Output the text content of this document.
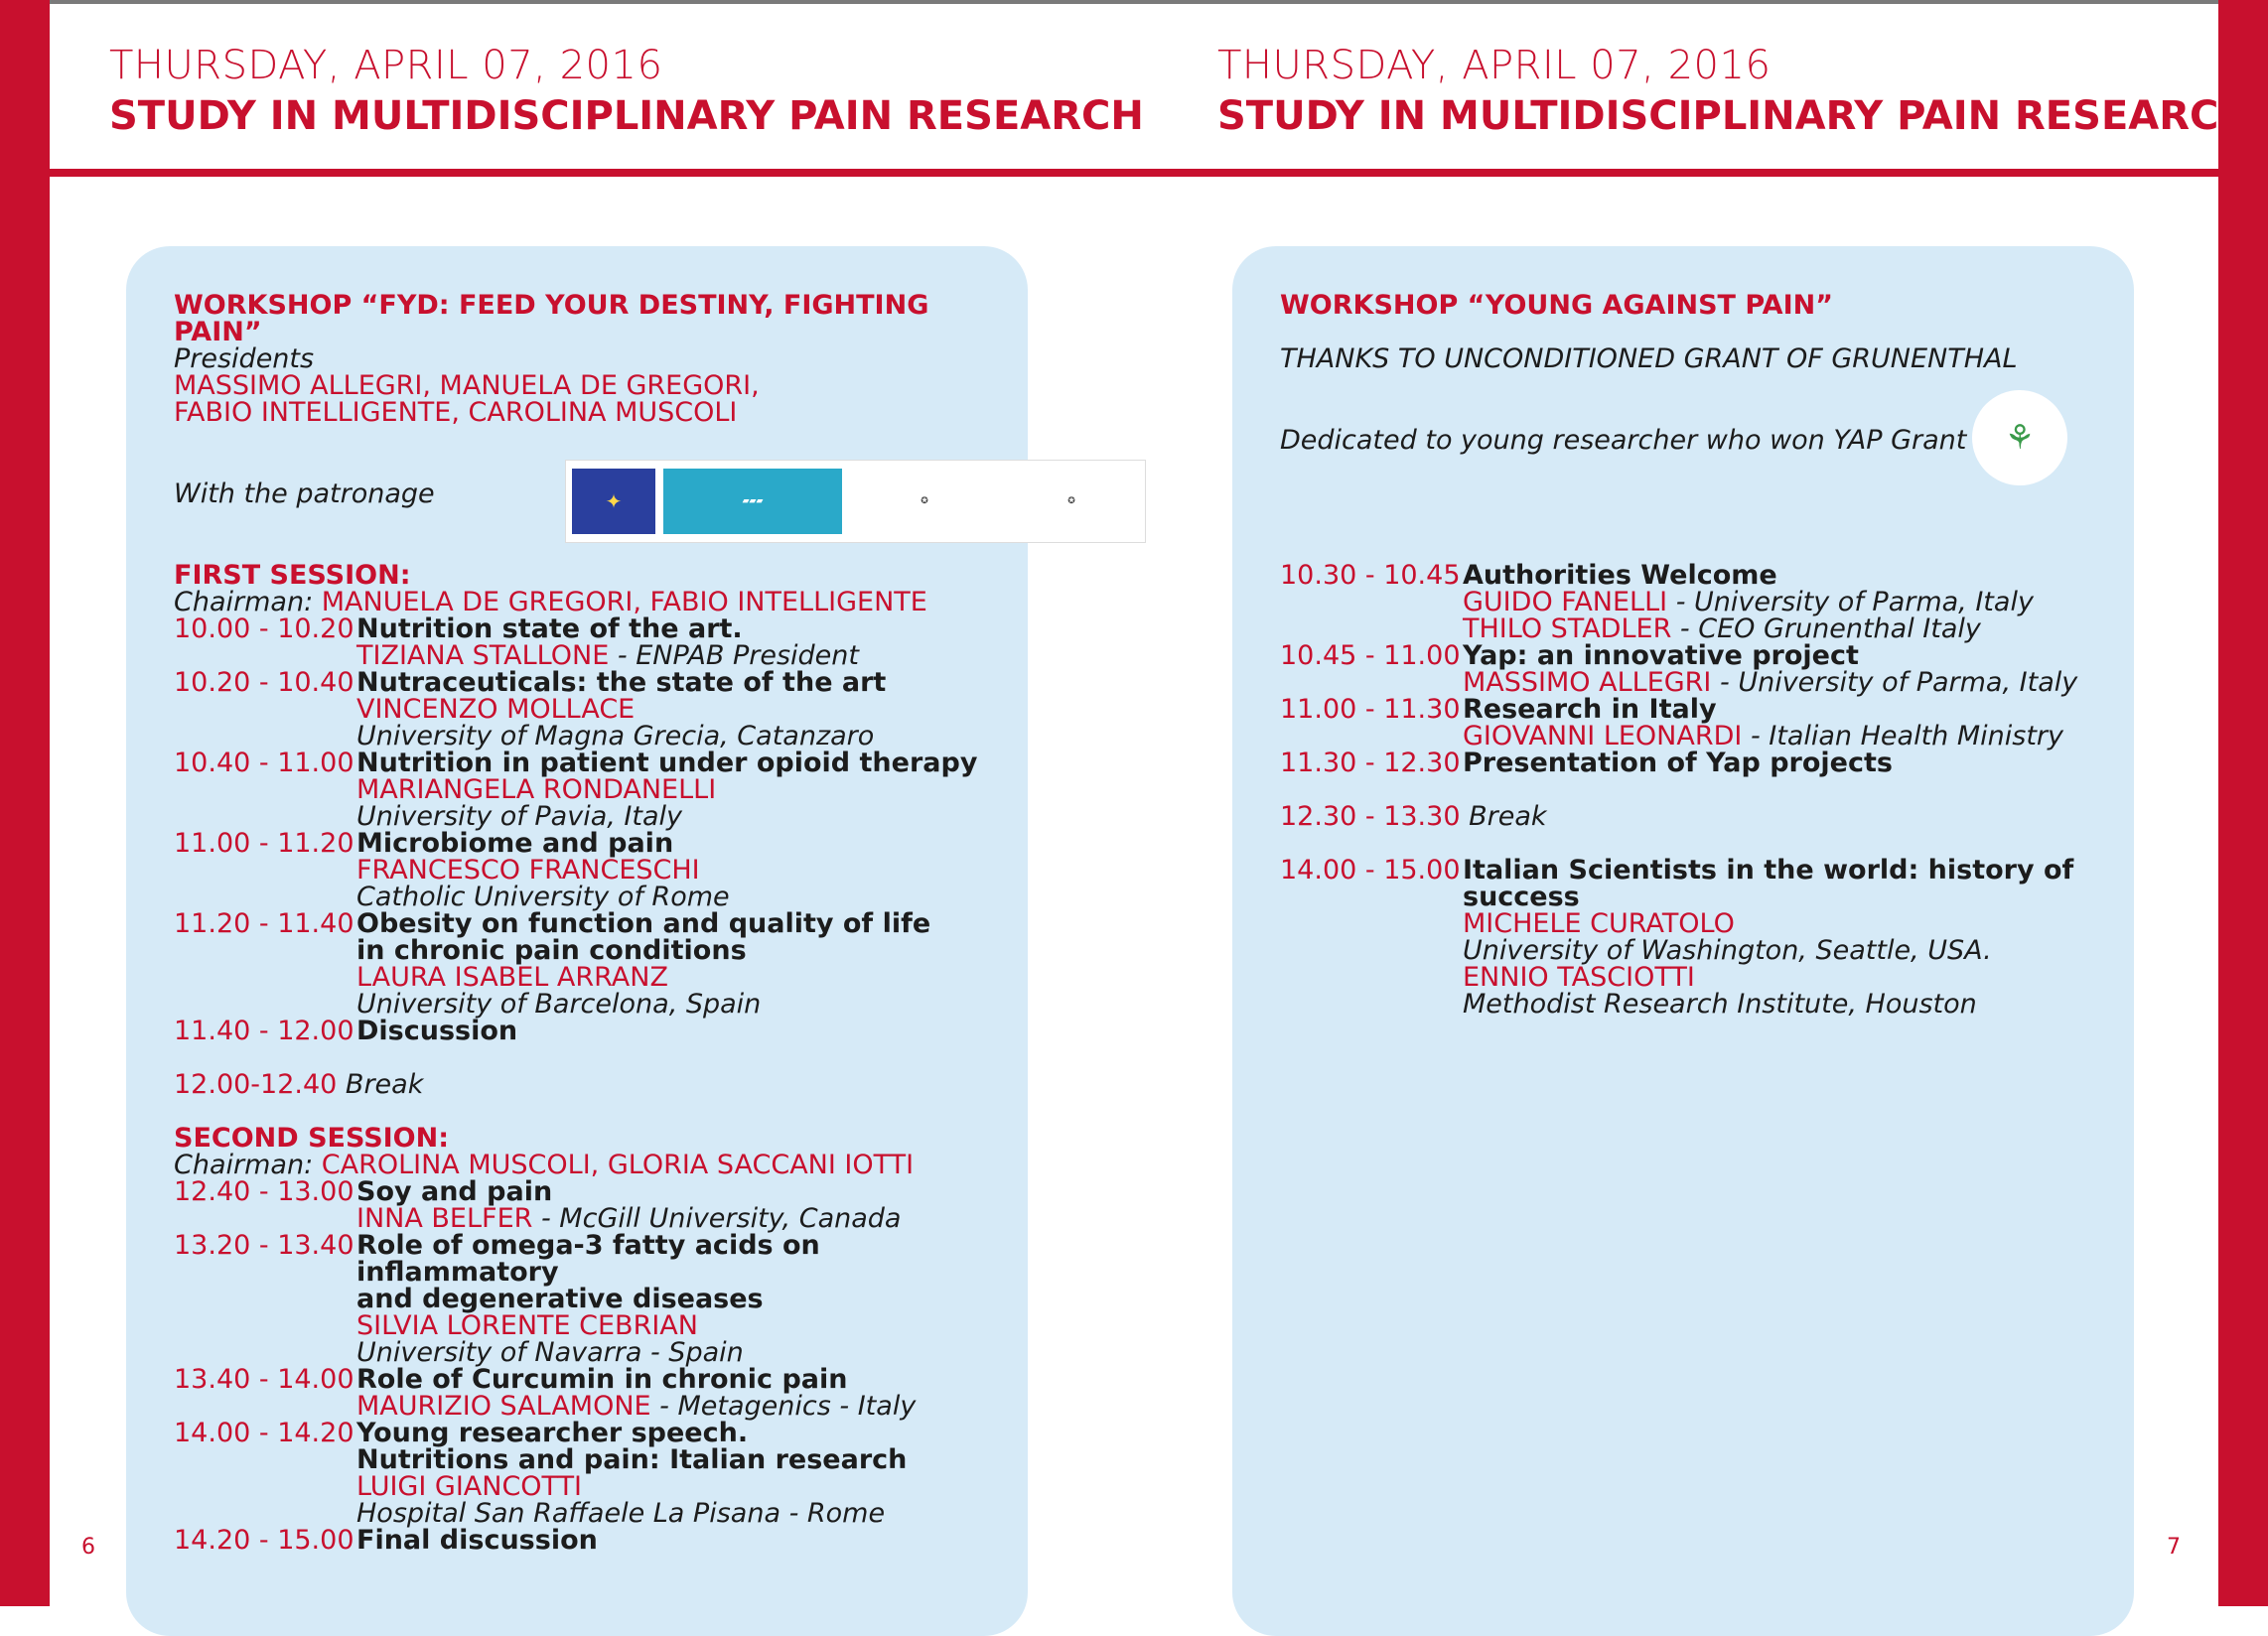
THURSDAY, APRIL 07, 2016
STUDY IN MULTIDISCIPLINARY PAIN RESEARCH
THURSDAY, APRIL 07, 2016
STUDY IN MULTIDISCIPLINARY PAIN RESEARCH
WORKSHOP “FYD: FEED YOUR DESTINY, FIGHTING PAIN”
Presidents
MASSIMO ALLEGRI, MANUELA DE GREGORI,
FABIO INTELLIGENTE, CAROLINA MUSCOLI
With the patronage	✦	▰▰▰	✪	✪
FIRST SESSION:
Chairman: MANUELA DE GREGORI, FABIO INTELLIGENTE
10.00 - 10.20 Nutrition state of the art.
TIZIANA STALLONE - ENPAB President
10.20 - 10.40 Nutraceuticals: the state of the art
VINCENZO MOLLACE
University of Magna Grecia, Catanzaro
10.40 - 11.00 Nutrition in patient under opioid therapy
MARIANGELA RONDANELLI
University of Pavia, Italy
11.00 - 11.20 Microbiome and pain
FRANCESCO FRANCESCHI
Catholic University of Rome
11.20 - 11.40 Obesity on function and quality of life
in chronic pain conditions
LAURA ISABEL ARRANZ
University of Barcelona, Spain
11.40 - 12.00 Discussion
12.00-12.40 Break
SECOND SESSION:
Chairman: CAROLINA MUSCOLI, GLORIA SACCANI IOTTI
12.40 - 13.00 Soy and pain
INNA BELFER - McGill University, Canada
13.20 - 13.40 Role of omega-3 fatty acids on inflammatory
and degenerative diseases
SILVIA LORENTE CEBRIAN
University of Navarra - Spain
13.40 - 14.00 Role of Curcumin in chronic pain
MAURIZIO SALAMONE - Metagenics - Italy
14.00 - 14.20 Young researcher speech.
Nutritions and pain: Italian research
LUIGI GIANCOTTI
Hospital San Raffaele La Pisana - Rome
14.20 - 15.00 Final discussion
WORKSHOP “YOUNG AGAINST PAIN”
THANKS TO UNCONDITIONED GRANT OF GRUNENTHAL
Dedicated to young researcher who won YAP Grant	⚘
10.30 - 10.45 Authorities Welcome
GUIDO FANELLI - University of Parma, Italy
THILO STADLER - CEO Grunenthal Italy
10.45 - 11.00 Yap: an innovative project
MASSIMO ALLEGRI - University of Parma, Italy
11.00 - 11.30 Research in Italy
GIOVANNI LEONARDI - Italian Health Ministry
11.30 - 12.30 Presentation of Yap projects
12.30 - 13.30 Break
14.00 - 15.00 Italian Scientists in the world: history of success
MICHELE CURATOLO
University of Washington, Seattle, USA.
ENNIO TASCIOTTI
Methodist Research Institute, Houston
6	7
